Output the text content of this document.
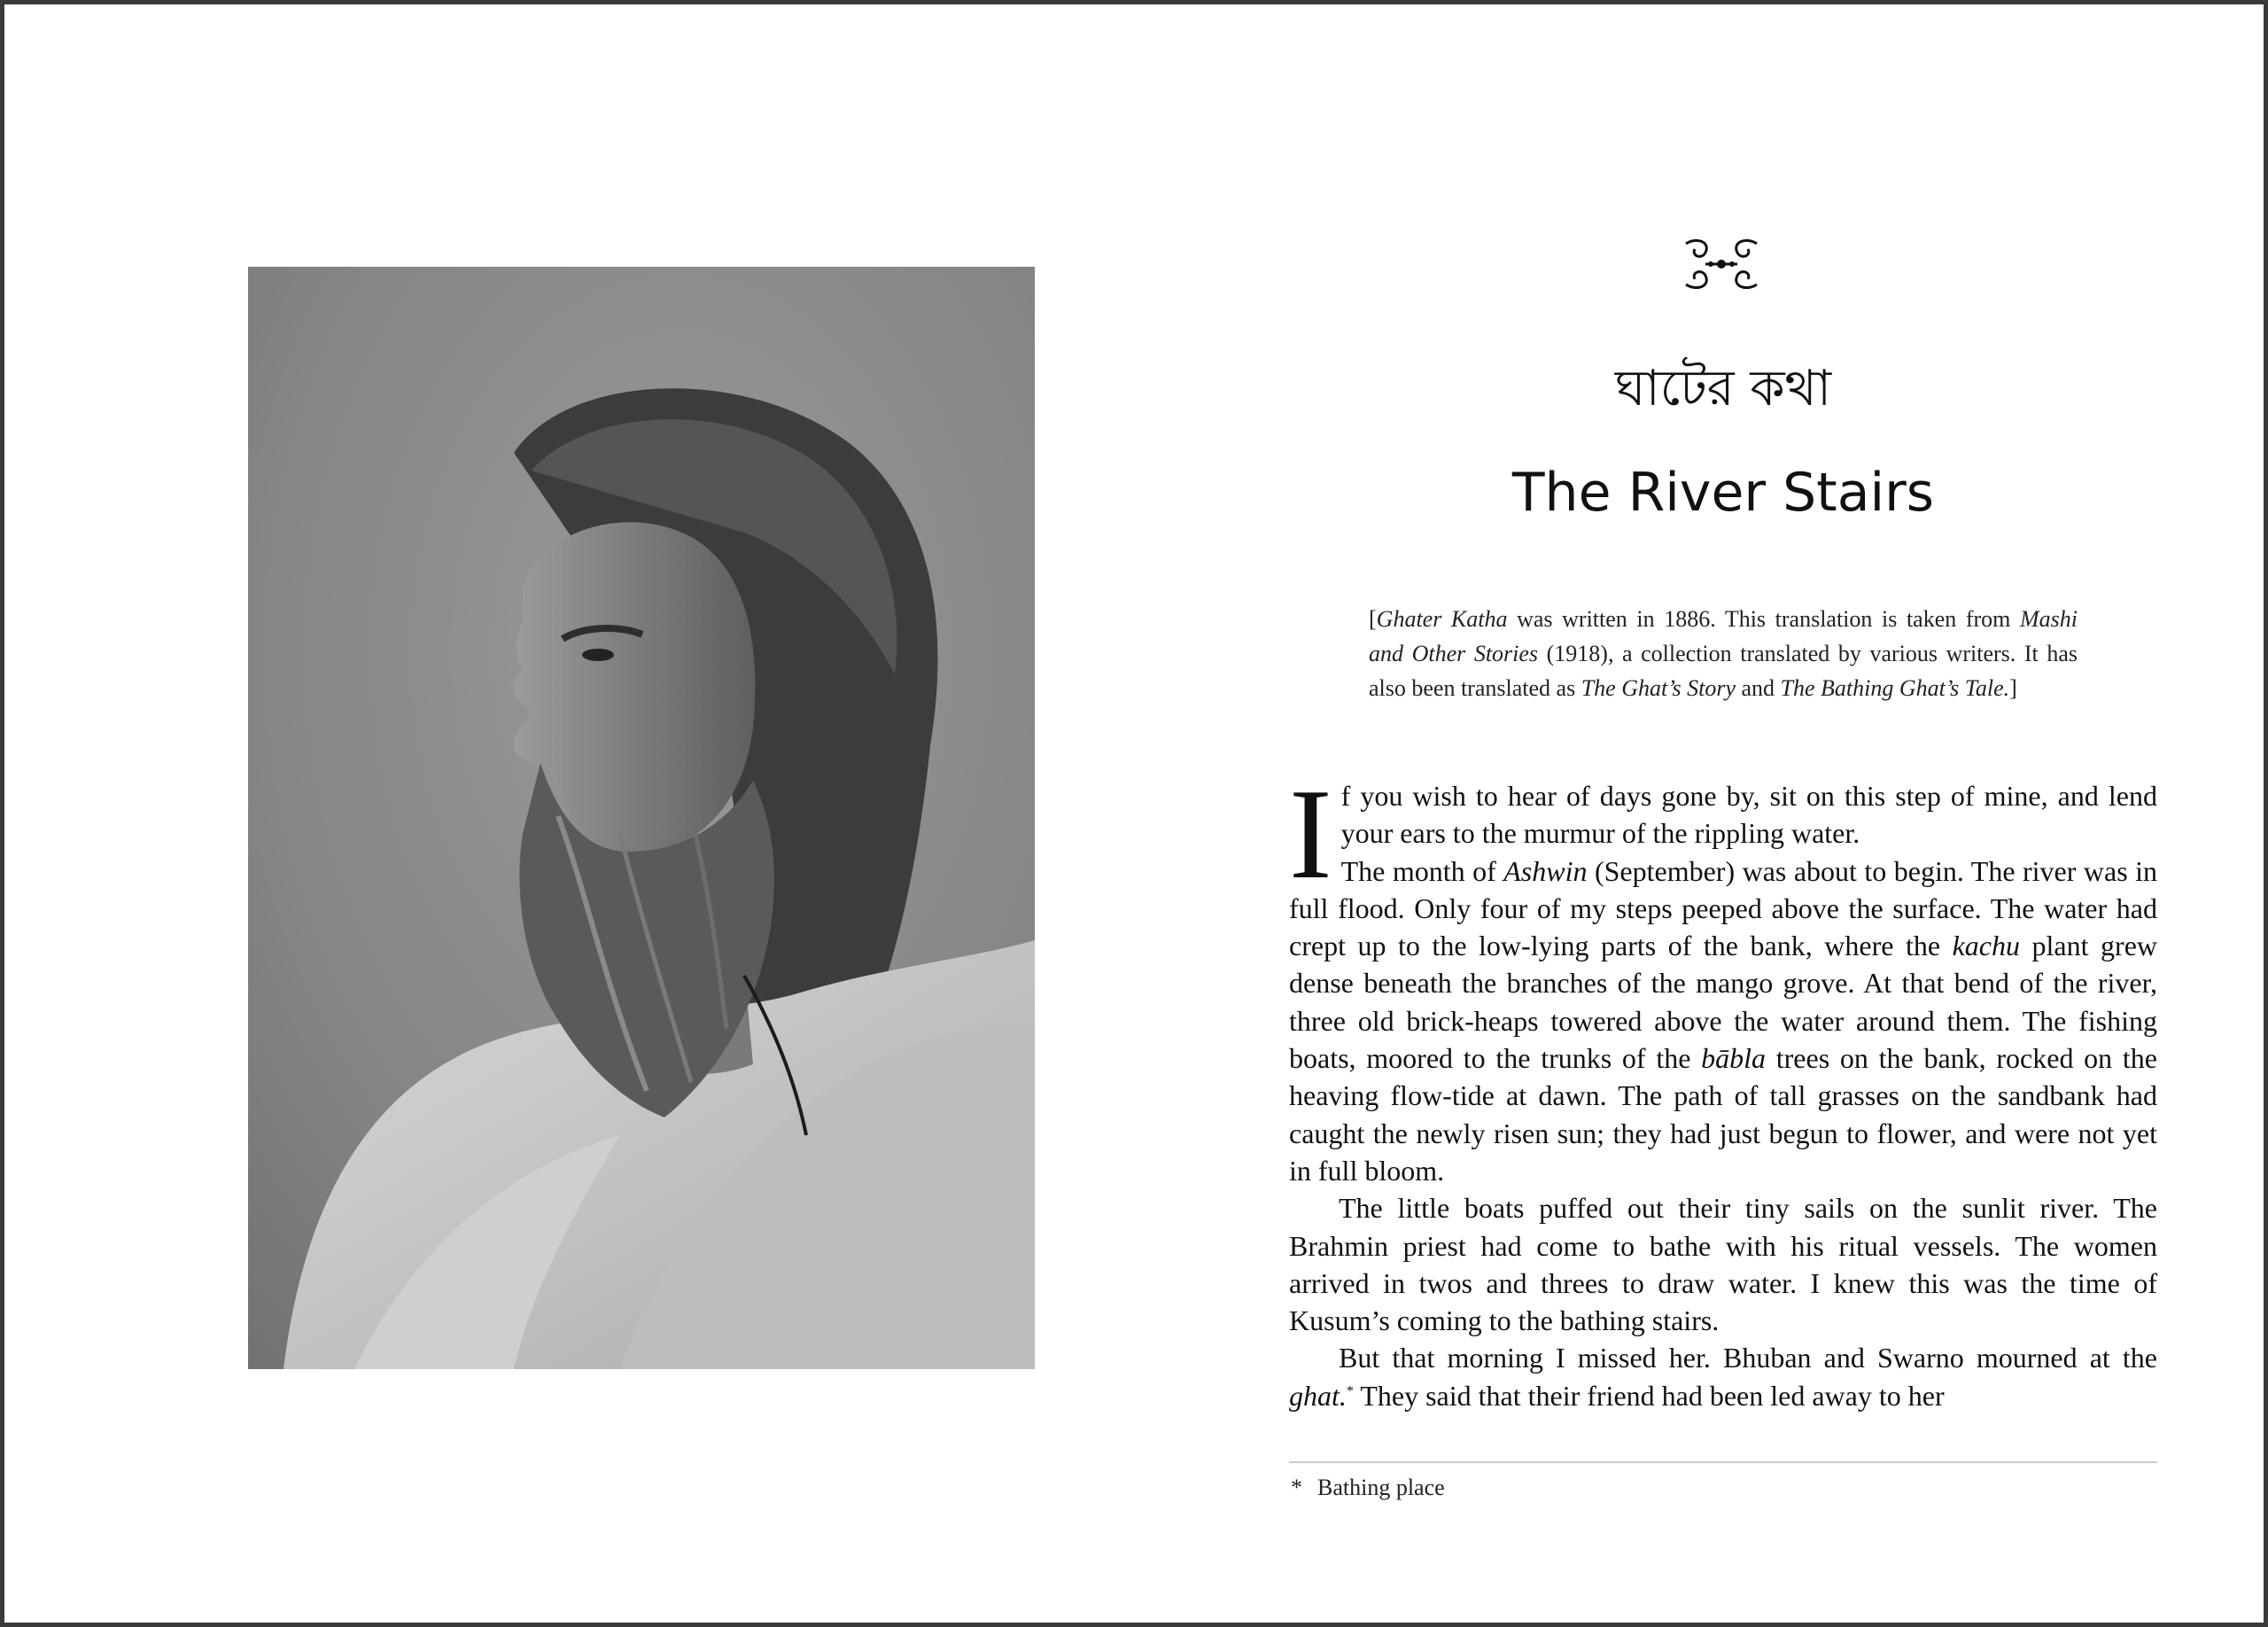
ঘাটের কথা
The River Stairs
[Ghater Katha was written in 1886. This translation is taken from Mashi and Other Stories (1918), a collection translated by various writers. It has also been translated as The Ghat’s Story and The Bathing Ghat’s Tale.]

If you wish to hear of days gone by, sit on this step of mine, and lend your ears to the murmur of the rippling water.

The month of Ashwin (September) was about to begin. The river was in full flood. Only four of my steps peeped above the surface. The water had crept up to the low-lying parts of the bank, where the kachu plant grew dense beneath the branches of the mango grove. At that bend of the river, three old brick-heaps towered above the water around them. The fishing boats, moored to the trunks of the bābla trees on the bank, rocked on the heaving flow-tide at dawn. The path of tall grasses on the sandbank had caught the newly risen sun; they had just begun to flower, and were not yet in full bloom.

The little boats puffed out their tiny sails on the sunlit river. The Brahmin priest had come to bathe with his ritual vessels. The women arrived in twos and threes to draw water. I knew this was the time of Kusum’s coming to the bathing stairs.

But that morning I missed her. Bhuban and Swarno mourned at the ghat.* They said that their friend had been led away to her

* Bathing place
